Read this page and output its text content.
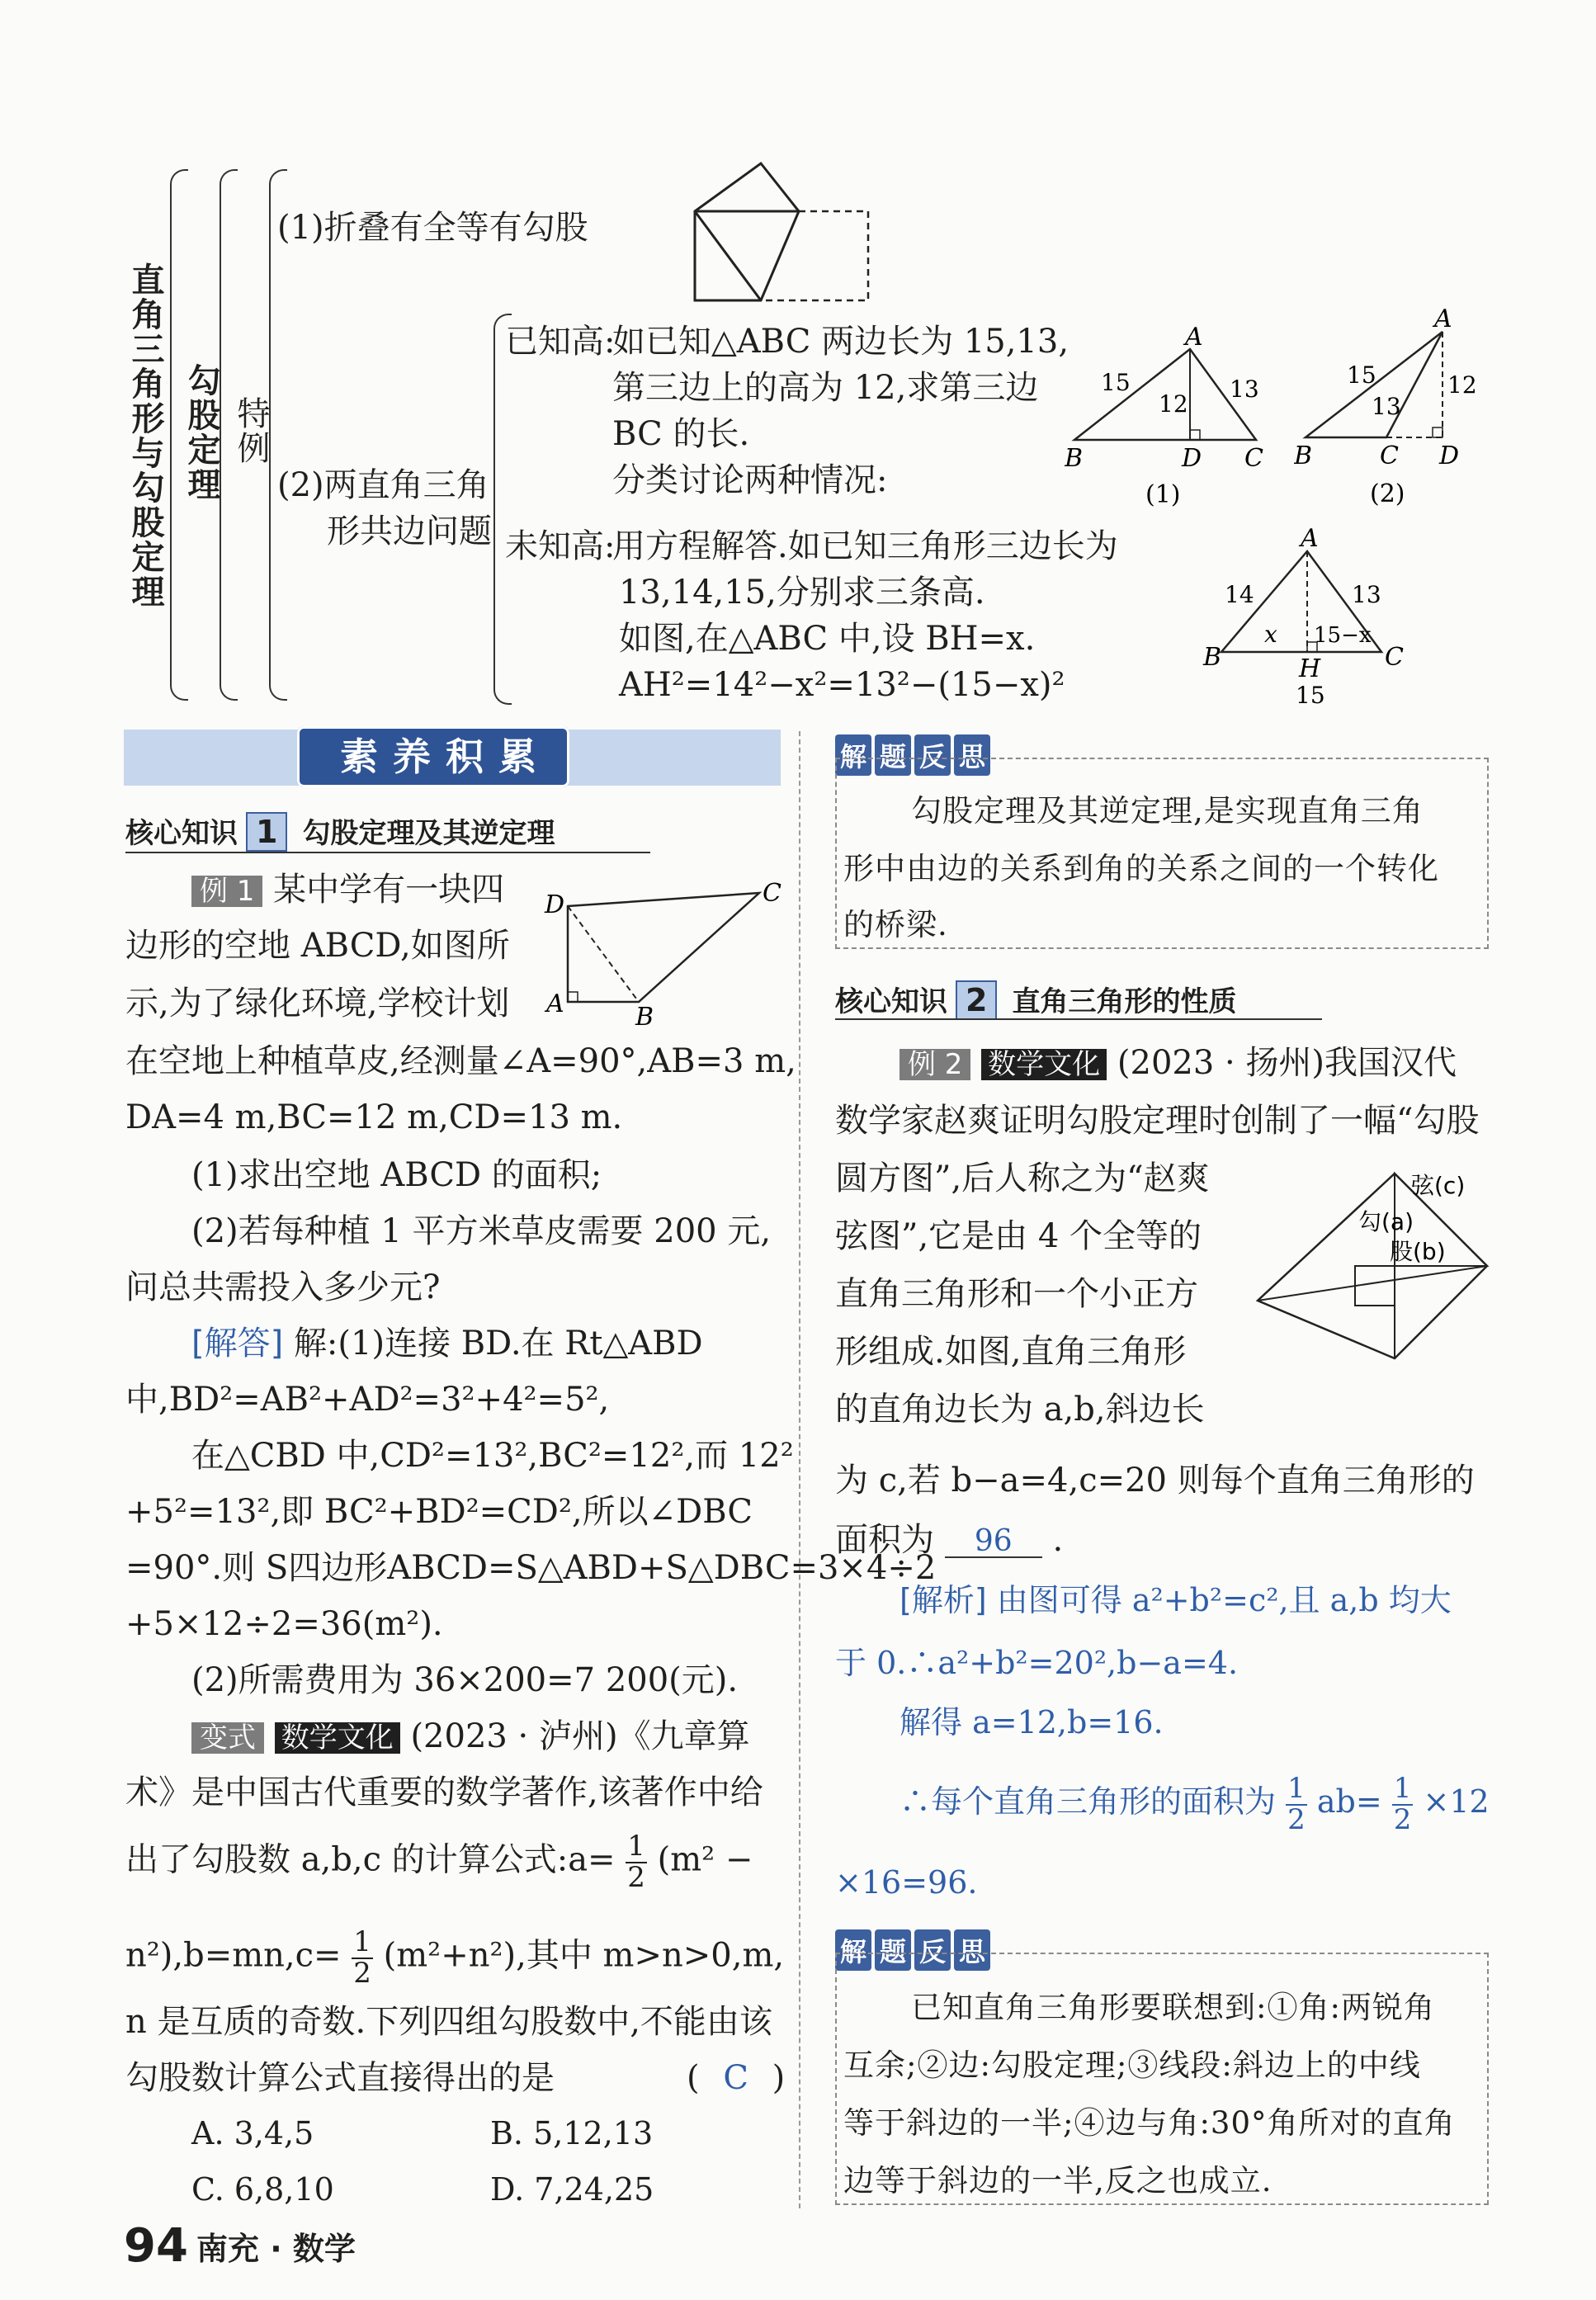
直角三角形与勾股定理 勾股定理 特例
(1)折叠有全等有勾股
(2)两直角三角
形共边问题
已知高:
如已知△ABC 两边长为 15,13,
第三边上的高为 12,求第三边
BC 的长.
分类讨论两种情况:
A
B	D C
15	13
12
(1)
A
B	C D
15
13
12
(2)
未知高:
用方程解答.如已知三角形三边长为
13,14,15,分别求三条高.
如图,在△ABC 中,设 BH=x.
AH²=14²−x²=13²−(15−x)²
A
B	C
H
14	13
x 15−x
15
素养积累
核心知识 1 勾股定理及其逆定理
例 1 某中学有一块四
边形的空地 ABCD,如图所
示,为了绿化环境,学校计划
在空地上种植草皮,经测量∠A=90°,AB=3 m,
DA=4 m,BC=12 m,CD=13 m.
D	C
A	B
(1)求出空地 ABCD 的面积;
(2)若每种植 1 平方米草皮需要 200 元,
问总共需投入多少元?
[解答] 解:(1)连接 BD.在 Rt△ABD
中,BD²=AB²+AD²=3²+4²=5²,
在△CBD 中,CD²=13²,BC²=12²,而 12²
+5²=13²,即 BC²+BD²=CD²,所以∠DBC
=90°.则 S四边形ABCD=S△ABD+S△DBC=3×4÷2
+5×12÷2=36(m²).
(2)所需费用为 36×200=7 200(元).
变式 数学文化 (2023 · 泸州)《九章算
术》是中国古代重要的数学著作,该著作中给
出了勾股数 a,b,c 的计算公式:a= $\frac{1}{2} (m^2$ −
$n^2),b=mn,c= \frac{1}{2} (m^2+n^2)$,其中 m>n>0,m,
n 是互质的奇数.下列四组勾股数中,不能由该
勾股数计算公式直接得出的是	( C )
A. 3,4,5	B. 5,12,13
C. 6,8,10	D. 7,24,25
解 题 反 思
勾股定理及其逆定理,是实现直角三角
形中由边的关系到角的关系之间的一个转化
的桥梁.
核心知识 2 直角三角形的性质
例 2 数学文化 (2023 · 扬州)我国汉代
数学家赵爽证明勾股定理时创制了一幅“勾股
圆方图”,后人称之为“赵爽
弦图”,它是由 4 个全等的
直角三角形和一个小正方
形组成.如图,直角三角形
的直角边长为 a,b,斜边长
为 c,若 b−a=4,c=20 则每个直角三角形的
面积为 96 .
弦(c)
勾(a)
股(b)
[解析] 由图可得 a²+b²=c²,且 a,b 均大
于 0.∴a²+b²=20²,b−a=4.
解得 a=12,b=16.
∴每个直角三角形的面积为 $\frac{1}{2} ab= \frac{1}{2} \times 12$
×16=96.
解 题 反 思
已知直角三角形要联想到:①角:两锐角
互余;②边:勾股定理;③线段:斜边上的中线
等于斜边的一半;④边与角:30°角所对的直角
边等于斜边的一半,反之也成立.
94 南充 · 数学
